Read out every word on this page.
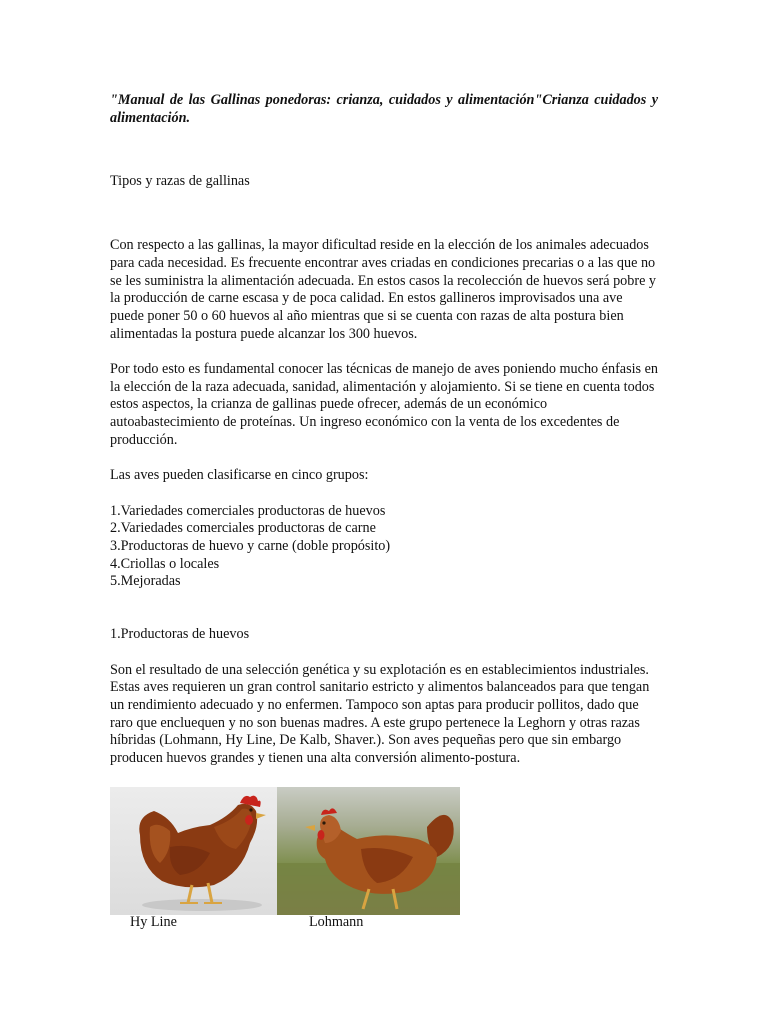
"Manual de las Gallinas ponedoras: crianza, cuidados y alimentación"Crianza cuidados y alimentación.

Tipos y razas de gallinas

Con respecto a las gallinas, la mayor dificultad reside en la elección de los animales adecuados para cada necesidad. Es frecuente encontrar aves criadas en condiciones precarias o a las que no se les suministra la alimentación adecuada. En estos casos la recolección de huevos será pobre y la producción de carne escasa y de poca calidad. En estos gallineros improvisados una ave puede poner 50 o 60 huevos al año mientras que si se cuenta con razas de alta postura bien alimentadas la postura puede alcanzar los 300 huevos.

Por todo esto es fundamental conocer las técnicas de manejo de aves poniendo mucho énfasis en la elección de la raza adecuada, sanidad, alimentación y alojamiento. Si se tiene en cuenta todos estos aspectos, la crianza de gallinas puede ofrecer, además de un económico autoabastecimiento de proteínas. Un ingreso económico con la venta de los excedentes de producción.

Las aves pueden clasificarse en cinco grupos:

1.Variedades comerciales productoras de huevos
2.Variedades comerciales productoras de carne
3.Productoras de huevo y carne (doble propósito)
4.Criollas o locales
5.Mejoradas

1.Productoras de huevos

Son el resultado de una selección genética y su explotación es en establecimientos industriales. Estas aves requieren un gran control sanitario estricto y alimentos balanceados para que tengan un rendimiento adecuado y no enfermen. Tampoco son aptas para producir pollitos, dado que raro que encluequen y no son buenas madres. A este grupo pertenece la Leghorn y otras razas híbridas (Lohmann, Hy Line, De Kalb, Shaver.). Son aves pequeñas pero que sin embargo producen huevos grandes y tienen una alta conversión alimento-postura.

Hy Line	Lohmann
